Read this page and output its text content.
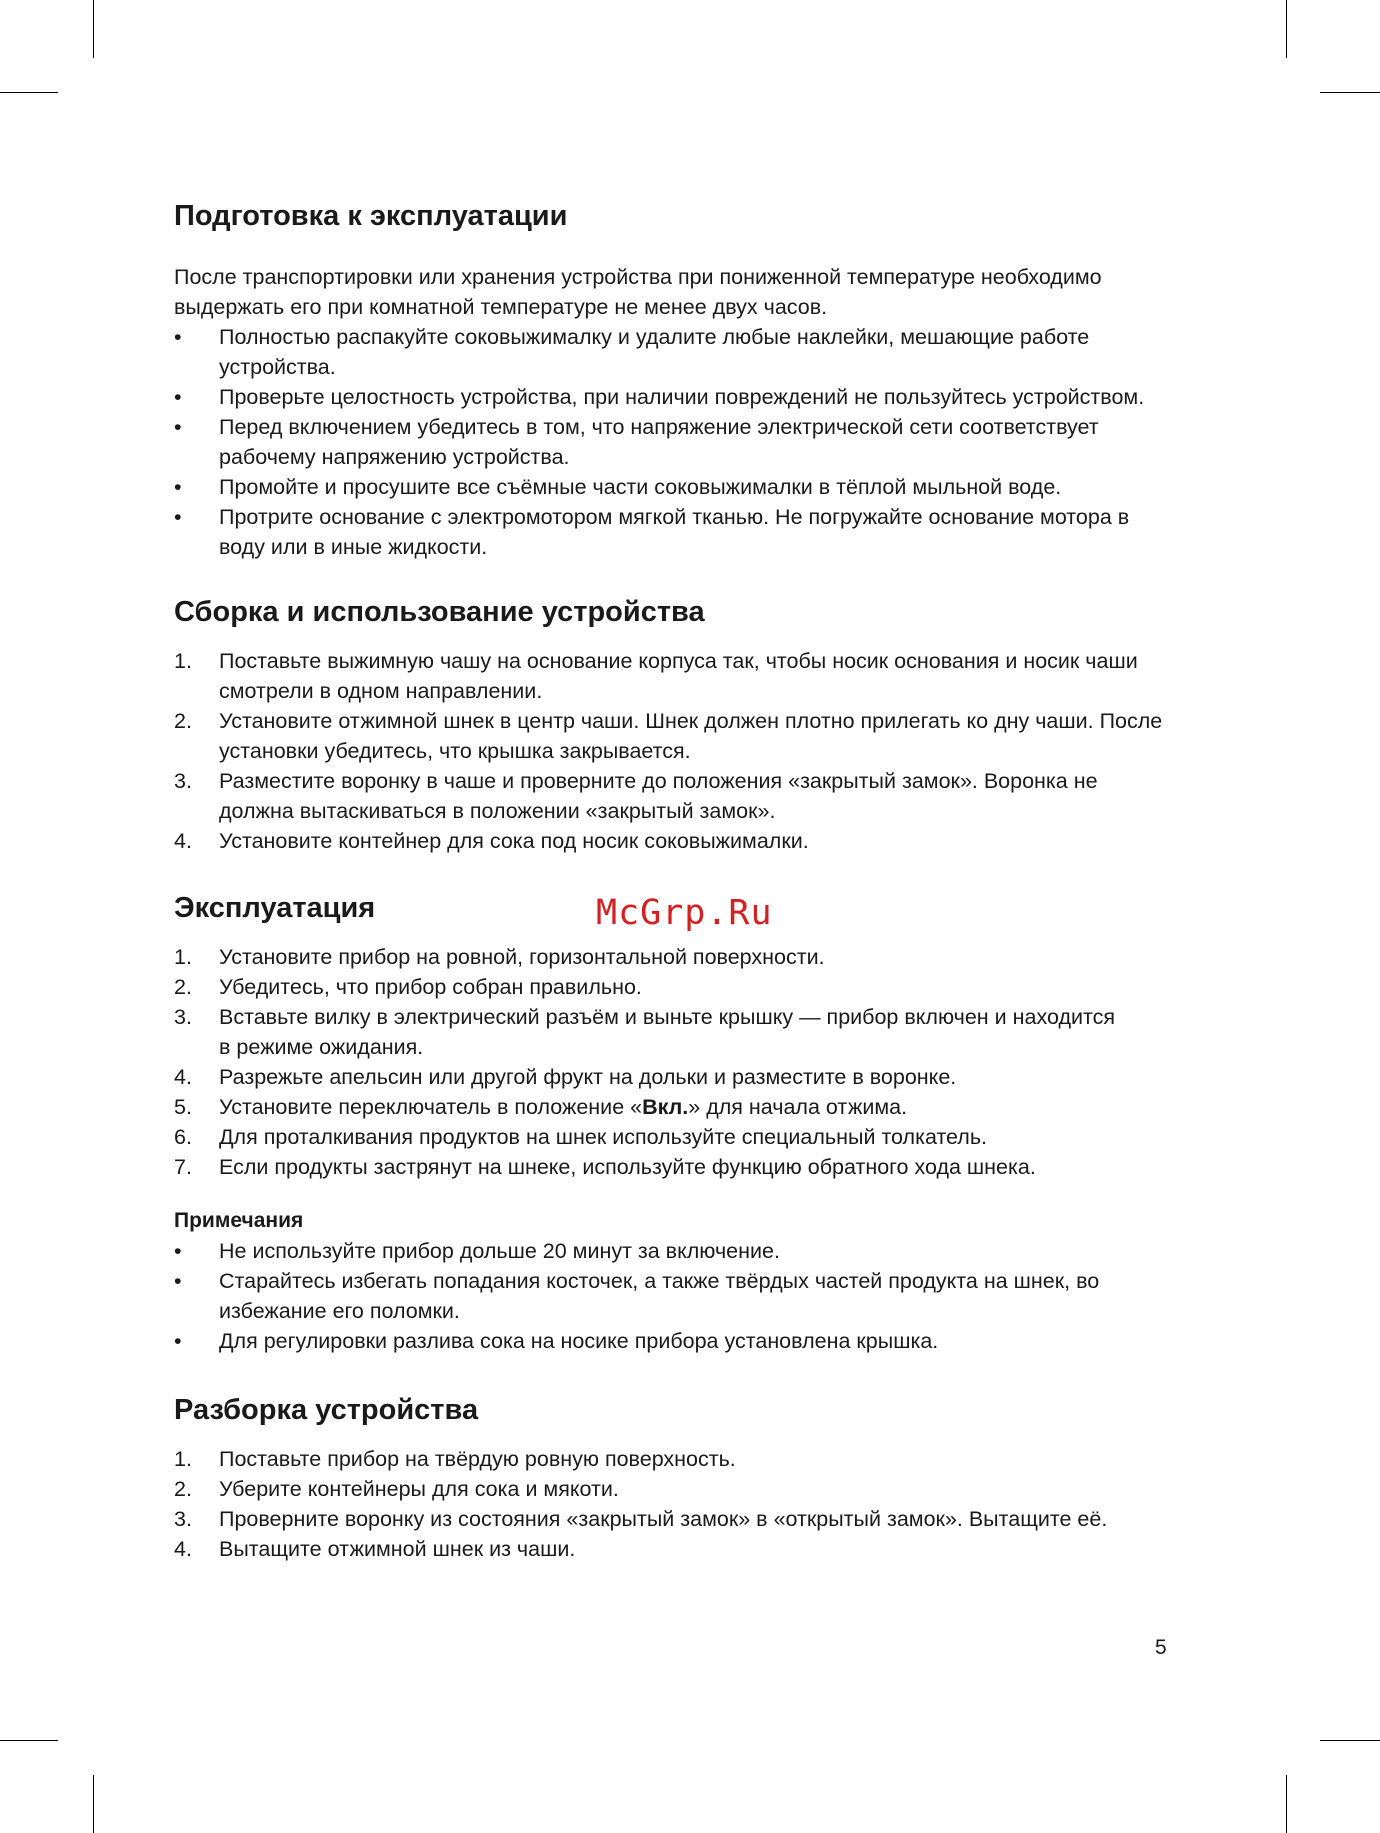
Подготовка к эксплуатации

После транспортировки или хранения устройства при пониженной температуре необходимо выдержать его при комнатной температуре не менее двух часов.

• Полностью распакуйте соковыжималку и удалите любые наклейки, мешающие работе устройства.
• Проверьте целостность устройства, при наличии повреждений не пользуйтесь устройством.
• Перед включением убедитесь в том, что напряжение электрической сети соответствует рабочему напряжению устройства.
• Промойте и просушите все съёмные части соковыжималки в тёплой мыльной воде.
• Протрите основание с электромотором мягкой тканью. Не погружайте основание мотора в воду или в иные жидкости.
Сборка и использование устройства
1. Поставьте выжимную чашу на основание корпуса так, чтобы носик основания и носик чаши смотрели в одном направлении.
2. Установите отжимной шнек в центр чаши. Шнек должен плотно прилегать ко дну чаши. После установки убедитесь, что крышка закрывается.
3. Разместите воронку в чаше и проверните до положения «закрытый замок». Воронка не должна вытаскиваться в положении «закрытый замок».
4. Установите контейнер для сока под носик соковыжималки.
Эксплуатация
1. Установите прибор на ровной, горизонтальной поверхности.
2. Убедитесь, что прибор собран правильно.
3. Вставьте вилку в электрический разъём и выньте крышку — прибор включен и находится в режиме ожидания.
4. Разрежьте апельсин или другой фрукт на дольки и разместите в воронке.
5. Установите переключатель в положение «Вкл.» для начала отжима.
6. Для проталкивания продуктов на шнек используйте специальный толкатель.
7. Если продукты застрянут на шнеке, используйте функцию обратного хода шнека.

Примечания

• Не используйте прибор дольше 20 минут за включение.
• Старайтесь избегать попадания косточек, а также твёрдых частей продукта на шнек, во избежание его поломки.
• Для регулировки разлива сока на носике прибора установлена крышка.
Разборка устройства
1. Поставьте прибор на твёрдую ровную поверхность.
2. Уберите контейнеры для сока и мякоти.
3. Проверните воронку из состояния «закрытый замок» в «открытый замок». Вытащите её.
4. Вытащите отжимной шнек из чаши.
McGrp.Ru
5
